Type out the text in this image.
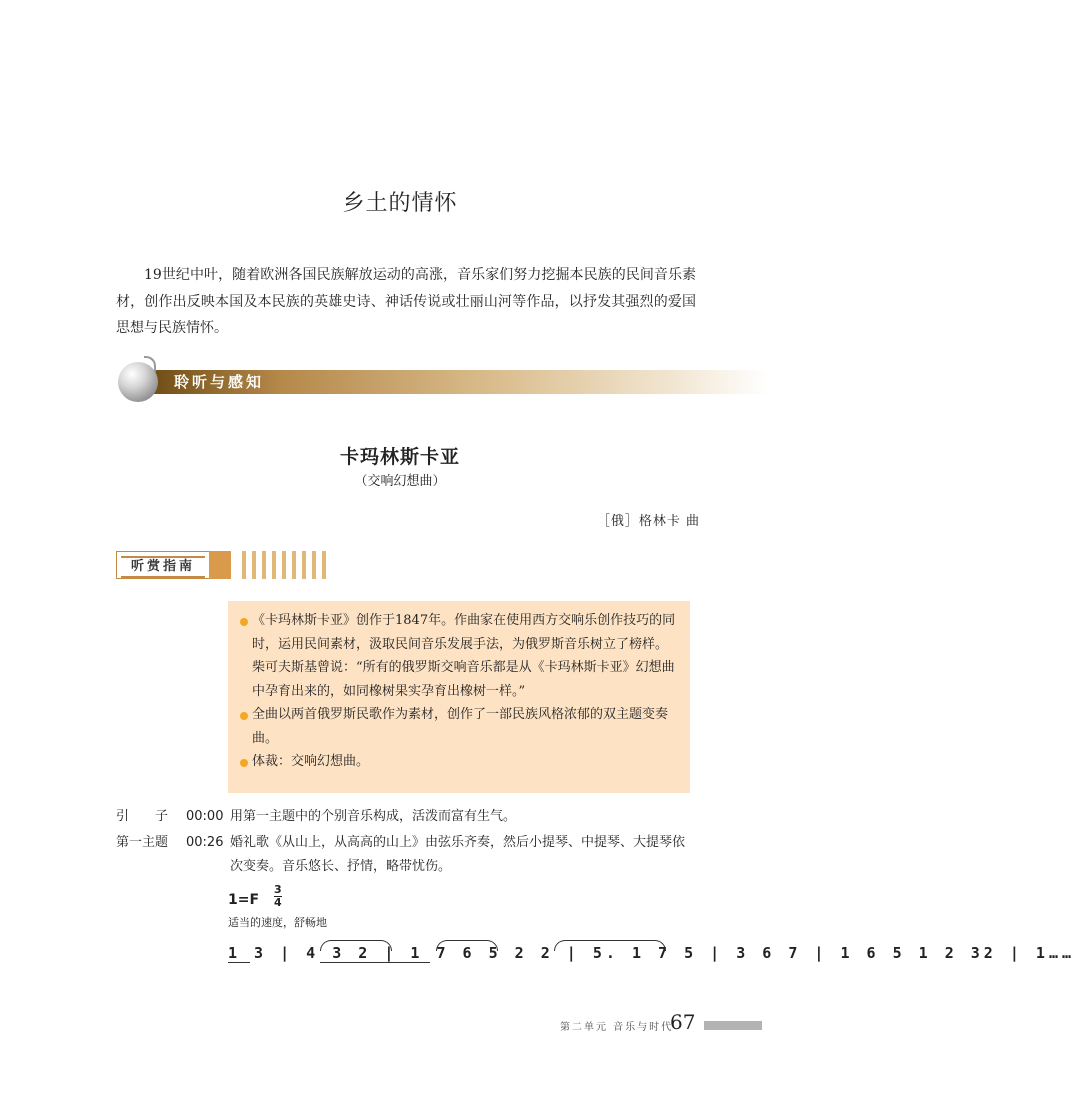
乡土的情怀
19世纪中叶，随着欧洲各国民族解放运动的高涨，音乐家们努力挖掘本民族的民间音乐素材，创作出反映本国及本民族的英雄史诗、神话传说或壮丽山河等作品，以抒发其强烈的爱国思想与民族情怀。
聆听与感知
卡玛林斯卡亚
（交响幻想曲）
［俄］格林卡 曲
听赏指南
《卡玛林斯卡亚》创作于1847年。作曲家在使用西方交响乐创作技巧的同时，运用民间素材，汲取民间音乐发展手法，为俄罗斯音乐树立了榜样。柴可夫斯基曾说：“所有的俄罗斯交响音乐都是从《卡玛林斯卡亚》幻想曲中孕育出来的，如同橡树果实孕育出橡树一样。”
全曲以两首俄罗斯民歌作为素材，创作了一部民族风格浓郁的双主题变奏曲。
体裁：交响幻想曲。
引　　子	00:00 用第一主题中的个别音乐构成，活泼而富有生气。
第一主题	00:26 婚礼歌《从山上，从高高的山上》由弦乐齐奏，然后小提琴、中提琴、大提琴依次变奏。音乐悠长、抒情，略带忧伤。
1=F
3
4
适当的速度，舒畅地
1 3 | 4 3 2 | 1 7 6 5 2 2 | 5. 1 7 5 | 3 6 7 | 1 6 5 1 2 32 | 1……
第二单元 音乐与时代
67
